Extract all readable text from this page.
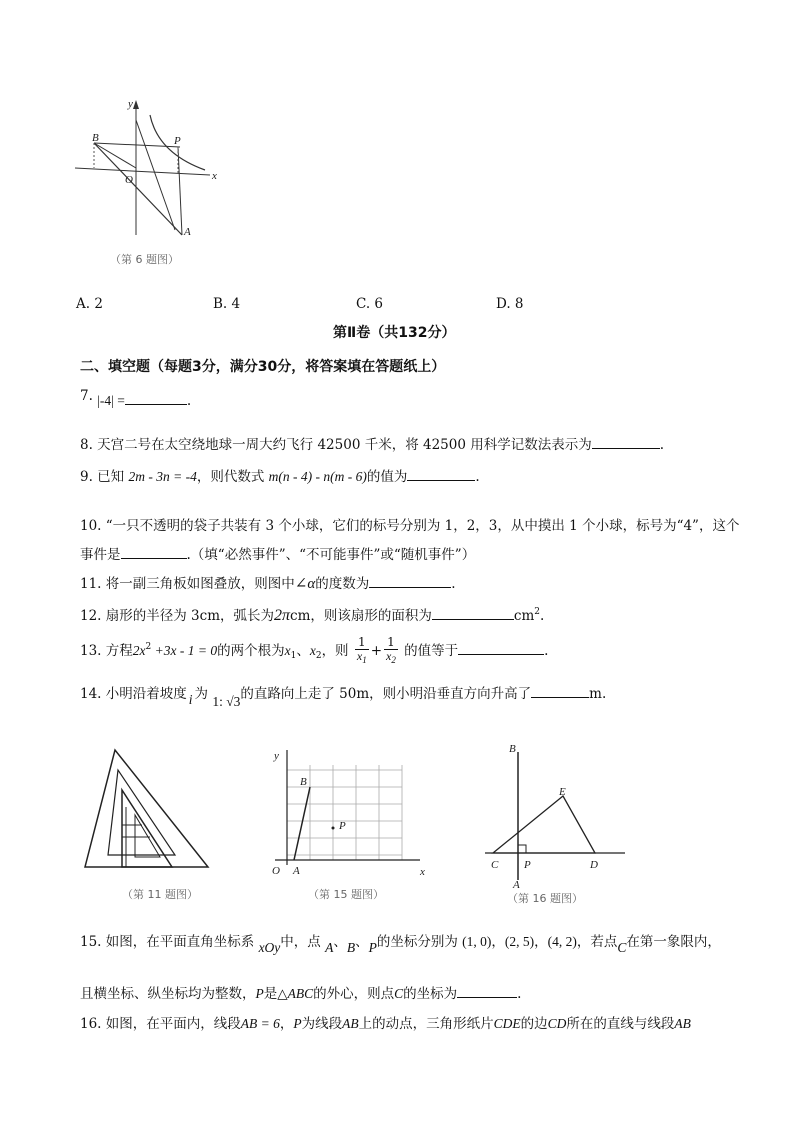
y
B	P
O
A
x
（第 6 题图）
A. 2	B. 4	C. 6	D. 8
第Ⅱ卷（共132分）
二、填空题（每题3分，满分30分，将答案填在答题纸上）
7. |-4| =	.
8. 天宫二号在太空绕地球一周大约飞行 42500 千米，将 42500 用科学记数法表示为	.
9. 已知 2m - 3n = -4，则代数式 m(n - 4) - n(m - 6)的值为	.
10. “一只不透明的袋子共装有 3 个小球，它们的标号分别为 1，2，3，从中摸出 1 个小球，标号为“4”，这个
事件是	.（填“必然事件”、“不可能事件”或“随机事件”）
11. 将一副三角板如图叠放，则图中∠α的度数为	.
12. 扇形的半径为 3cm，弧长为2πcm，则该扇形的面积为	$cm^2$.
13. 方程$2x^2 +3x - 1 = 0$的两个根为$x_1$、$x_2$，则 $\frac{1}{x_1} + \frac{1}{x_2}$ 的值等于	.
14. 小明沿着坡度 i 为 1: √3的直路向上走了 50m，则小明沿垂直方向升高了	m.
（第 11 题图）
y
B
P
O A	x
（第 15 题图）
B
E
C P	D
A
（第 16 题图）
15. 如图，在平面直角坐标系 xOy中，点 A、B、P的坐标分别为 (1, 0)，(2, 5)，(4, 2)，若点C在第一象限内，
且横坐标、纵坐标均为整数，P是△ABC的外心，则点C的坐标为	.
16. 如图，在平面内，线段AB = 6，P为线段AB上的动点，三角形纸片CDE的边CD所在的直线与线段AB
